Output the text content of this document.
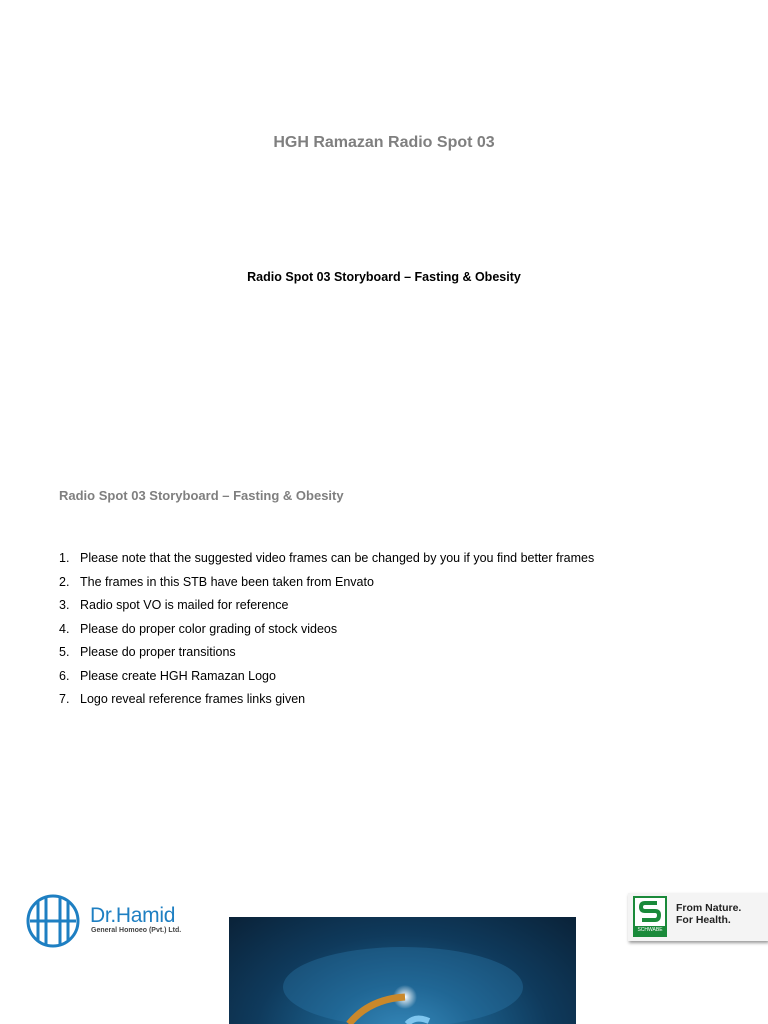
HGH Ramazan Radio Spot 03
Radio Spot 03 Storyboard – Fasting & Obesity
Radio Spot 03 Storyboard – Fasting & Obesity
1. Please note that the suggested video frames can be changed by you if you find better frames
2. The frames in this STB have been taken from Envato
3. Radio spot VO is mailed for reference
4. Please do proper color grading of stock videos
5. Please do proper transitions
6. Please create HGH Ramazan Logo
7. Logo reveal reference frames links given
Dr.Hamid
General Homoeo (Pvt.) Ltd.	SCHWABE
From Nature.
For Health.
